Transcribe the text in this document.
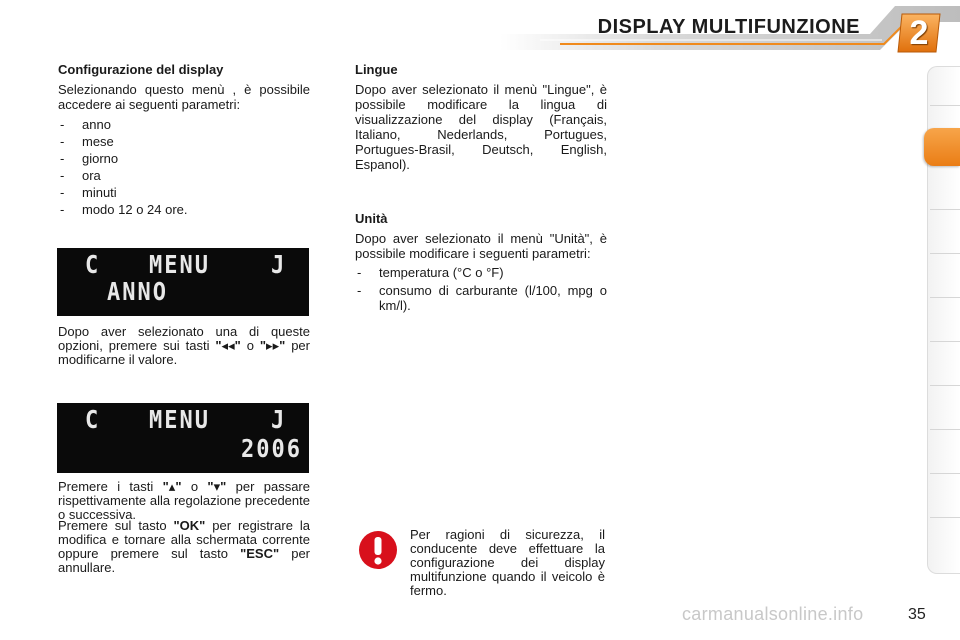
DISPLAY MULTIFUNZIONE	2
Configurazione del display

Selezionando questo menù , è possibile accedere ai seguenti parametri:

- anno
- mese
- giorno
- ora
- minuti
- modo 12 o 24 ore.
C MENU	J
ANNO
Dopo aver selezionato una di queste opzioni, premere sui tasti "◂◂" o "▸▸" per modificarne il valore.
C MENU	J
2006
Premere i tasti "▴" o "▾" per passare rispettivamente alla regolazione precedente o successiva.
Premere sul tasto "OK" per registrare la modifica e tornare alla schermata corrente oppure premere sul tasto "ESC" per annullare.
Lingue

Dopo aver selezionato il menù "Lingue", è possibile modificare la lingua di visualizzazione del display (Français, Italiano, Nederlands, Portugues, Portugues-Brasil, Deutsch, English, Espanol).

Unità

Dopo aver selezionato il menù "Unità", è possibile modificare i seguenti parametri:

- temperatura (°C o °F)
- consumo di carburante (l/100, mpg o km/l).
Per ragioni di sicurezza, il conducente deve effettuare la configurazione dei display multifunzione quando il veicolo è fermo.
carmanualsonline.info	35
